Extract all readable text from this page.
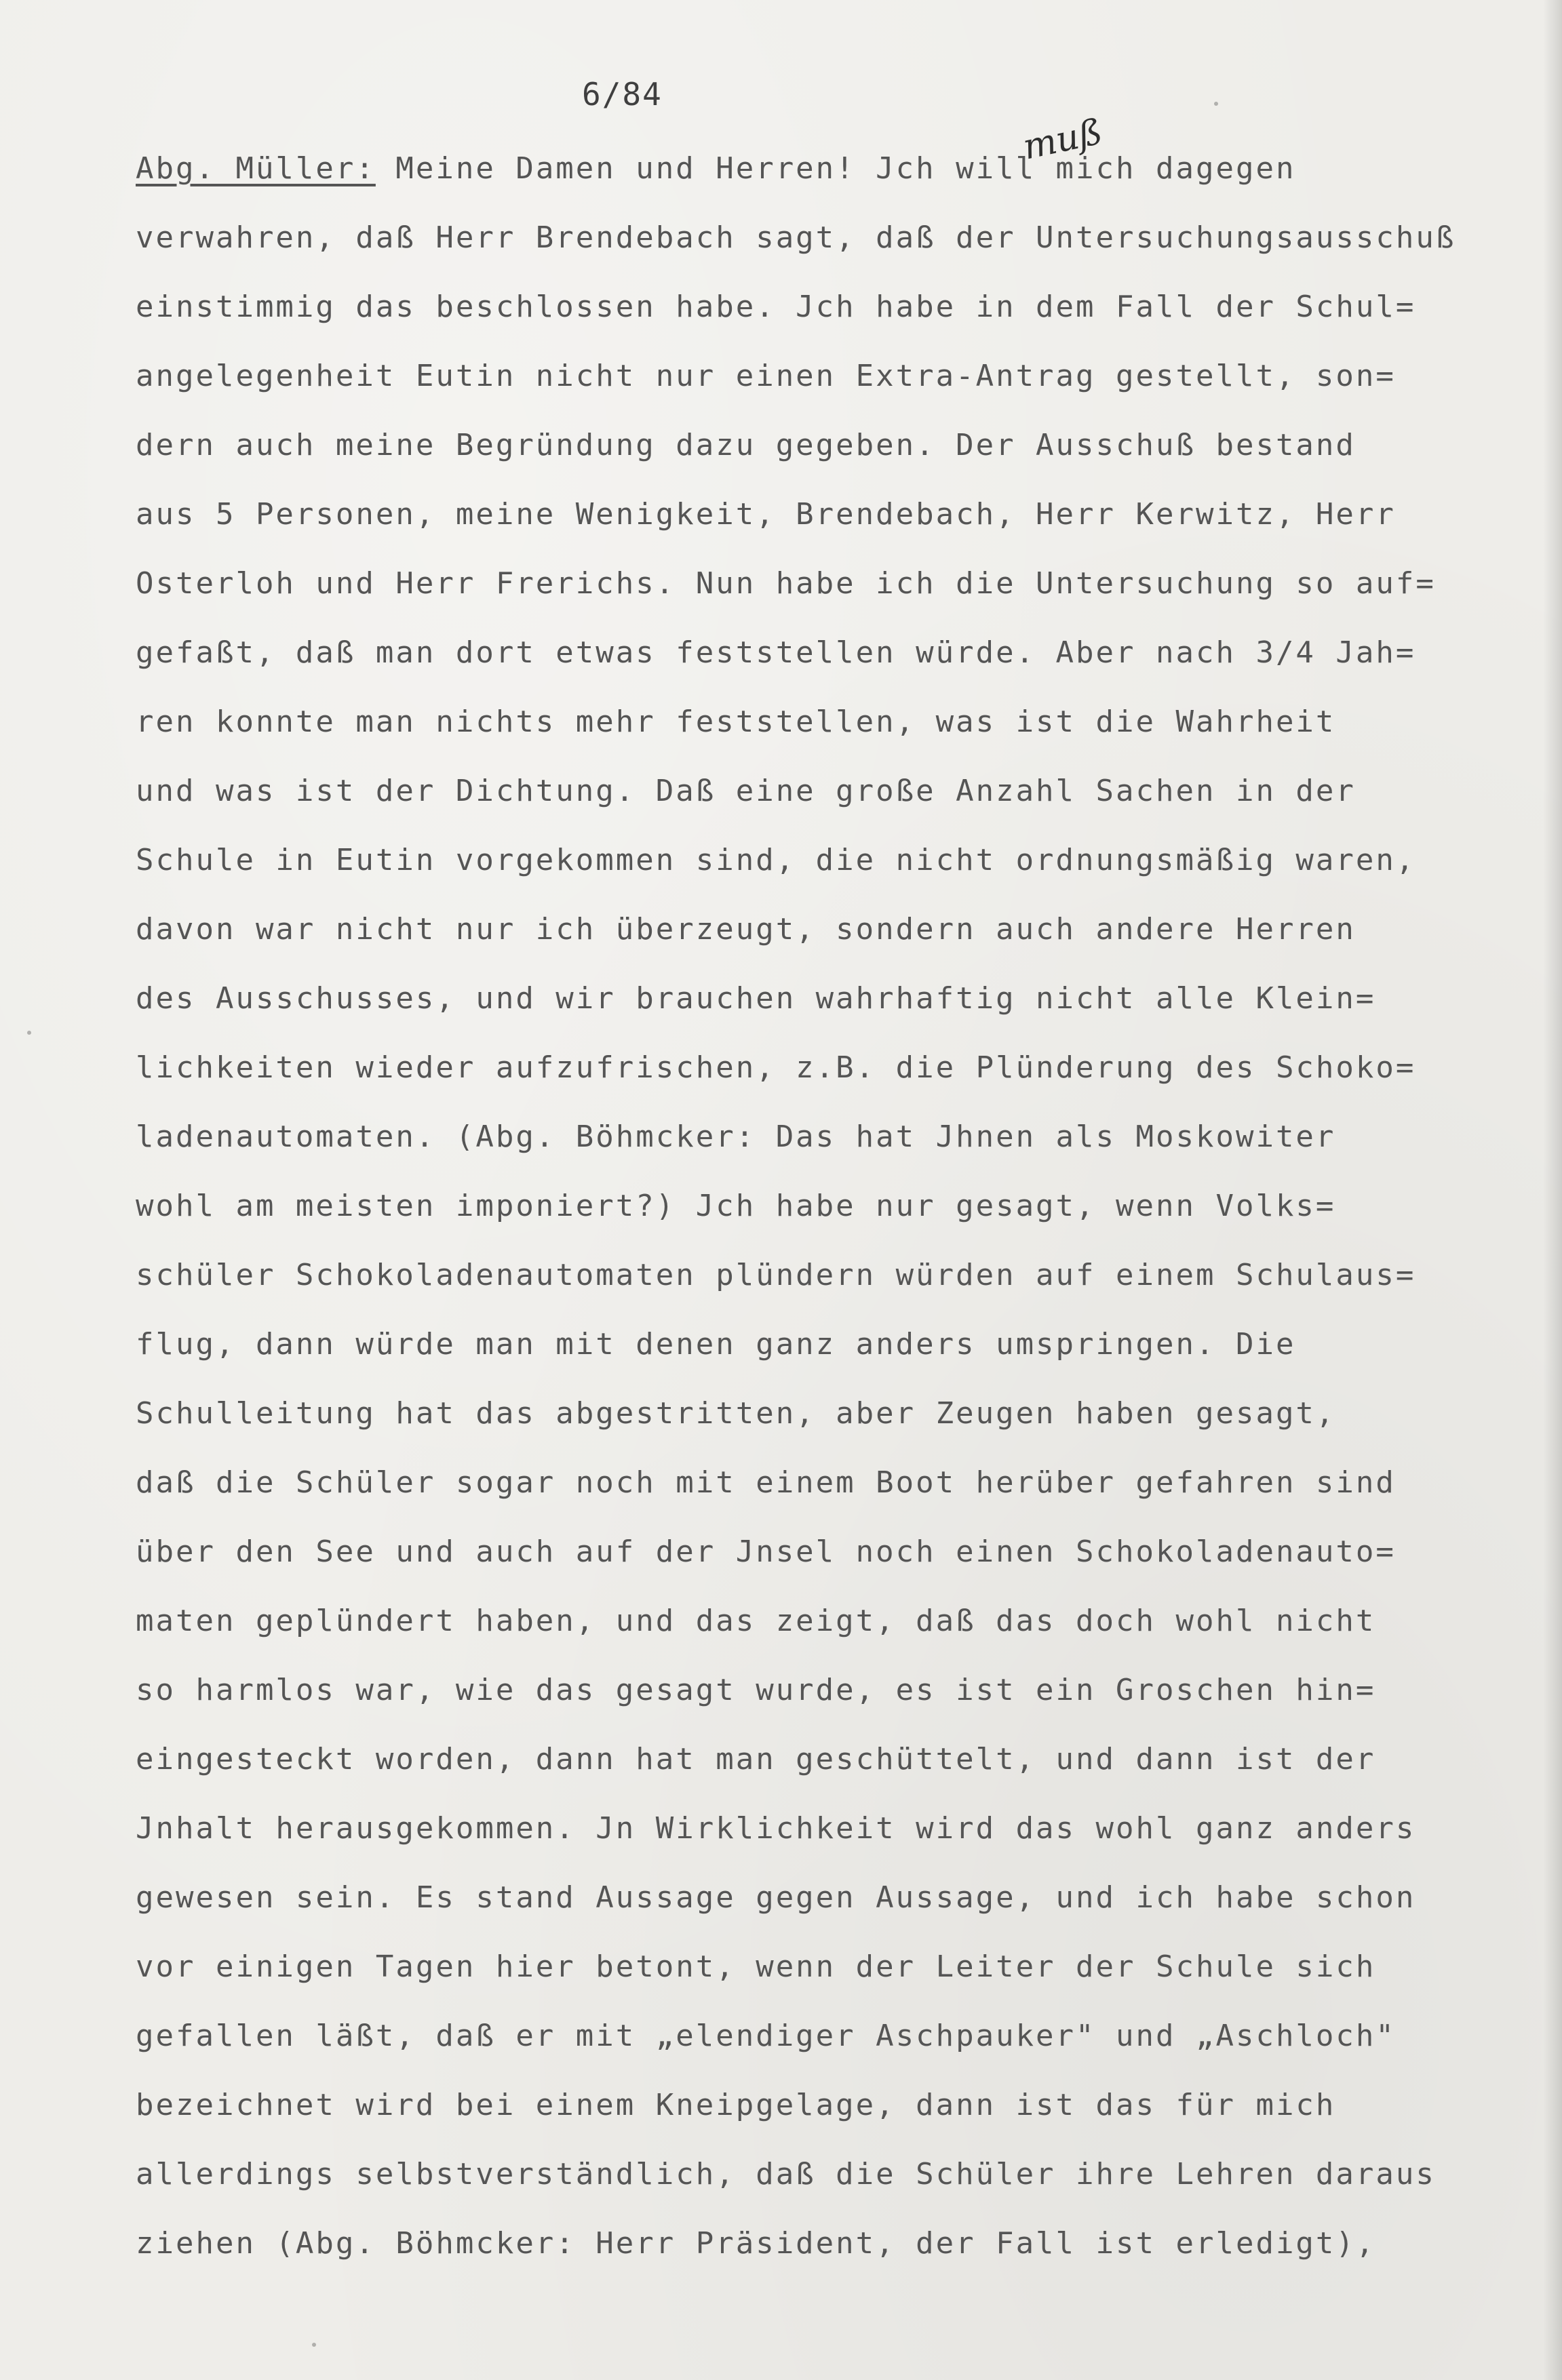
6/84
muß
Abg. Müller: Meine Damen und Herren! Jch will mich dagegen
verwahren, daß Herr Brendebach sagt, daß der Untersuchungsausschuß
einstimmig das beschlossen habe. Jch habe in dem Fall der Schul=
angelegenheit Eutin nicht nur einen Extra-Antrag gestellt, son=
dern auch meine Begründung dazu gegeben. Der Ausschuß bestand
aus 5 Personen, meine Wenigkeit, Brendebach, Herr Kerwitz, Herr
Osterloh und Herr Frerichs. Nun habe ich die Untersuchung so auf=
gefaßt, daß man dort etwas feststellen würde. Aber nach 3/4 Jah=
ren konnte man nichts mehr feststellen, was ist die Wahrheit
und was ist der Dichtung. Daß eine große Anzahl Sachen in der
Schule in Eutin vorgekommen sind, die nicht ordnungsmäßig waren,
davon war nicht nur ich überzeugt, sondern auch andere Herren
des Ausschusses, und wir brauchen wahrhaftig nicht alle Klein=
lichkeiten wieder aufzufrischen, z.B. die Plünderung des Schoko=
ladenautomaten. (Abg. Böhmcker: Das hat Jhnen als Moskowiter
wohl am meisten imponiert?) Jch habe nur gesagt, wenn Volks=
schüler Schokoladenautomaten plündern würden auf einem Schulaus=
flug, dann würde man mit denen ganz anders umspringen. Die
Schulleitung hat das abgestritten, aber Zeugen haben gesagt,
daß die Schüler sogar noch mit einem Boot herüber gefahren sind
über den See und auch auf der Jnsel noch einen Schokoladenauto=
maten geplündert haben, und das zeigt, daß das doch wohl nicht
so harmlos war, wie das gesagt wurde, es ist ein Groschen hin=
eingesteckt worden, dann hat man geschüttelt, und dann ist der
Jnhalt herausgekommen. Jn Wirklichkeit wird das wohl ganz anders
gewesen sein. Es stand Aussage gegen Aussage, und ich habe schon
vor einigen Tagen hier betont, wenn der Leiter der Schule sich
gefallen läßt, daß er mit „elendiger Aschpauker" und „Aschloch"
bezeichnet wird bei einem Kneipgelage, dann ist das für mich
allerdings selbstverständlich, daß die Schüler ihre Lehren daraus
ziehen (Abg. Böhmcker: Herr Präsident, der Fall ist erledigt),
